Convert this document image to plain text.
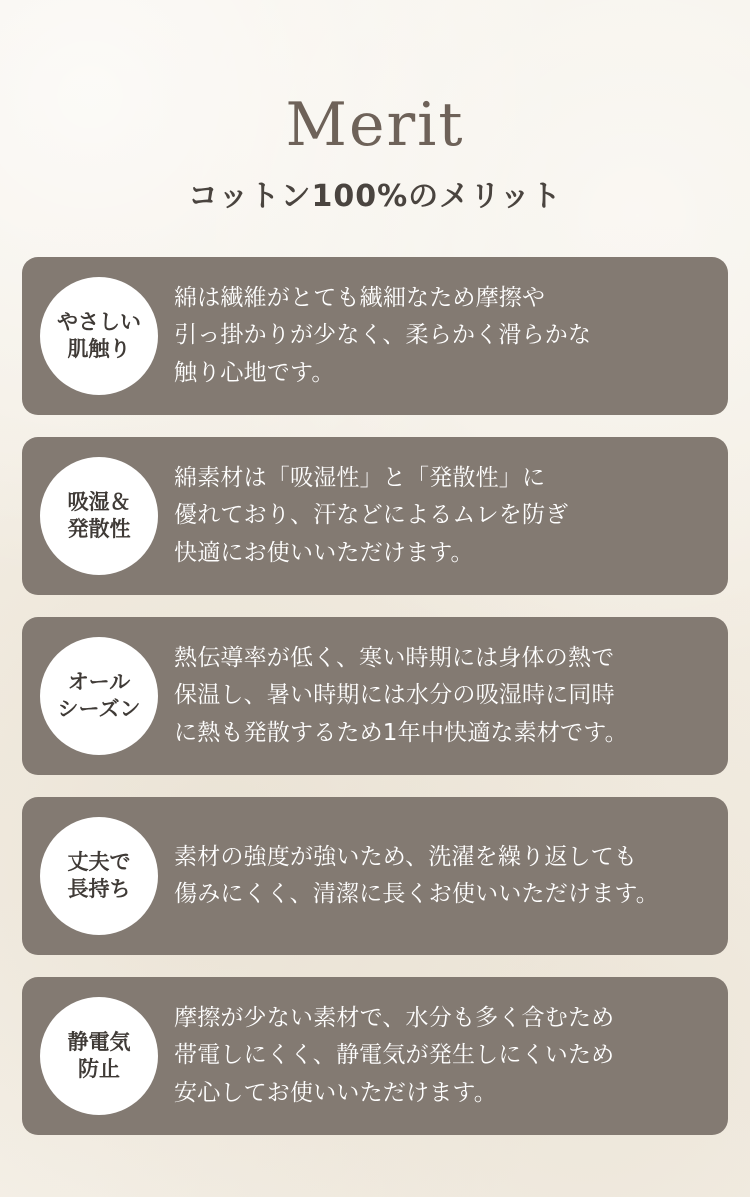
Merit
コットン100%のメリット
やさしい
肌触り
綿は繊維がとても繊細なため摩擦や
引っ掛かりが少なく、柔らかく滑らかな
触り心地です。
吸湿＆
発散性
綿素材は「吸湿性」と「発散性」に
優れており、汗などによるムレを防ぎ
快適にお使いいただけます。
オール
シーズン
熱伝導率が低く、寒い時期には身体の熱で
保温し、暑い時期には水分の吸湿時に同時
に熱も発散するため1年中快適な素材です。
丈夫で
長持ち
素材の強度が強いため、洗濯を繰り返しても
傷みにくく、清潔に長くお使いいただけます。
静電気
防止
摩擦が少ない素材で、水分も多く含むため
帯電しにくく、静電気が発生しにくいため
安心してお使いいただけます。
